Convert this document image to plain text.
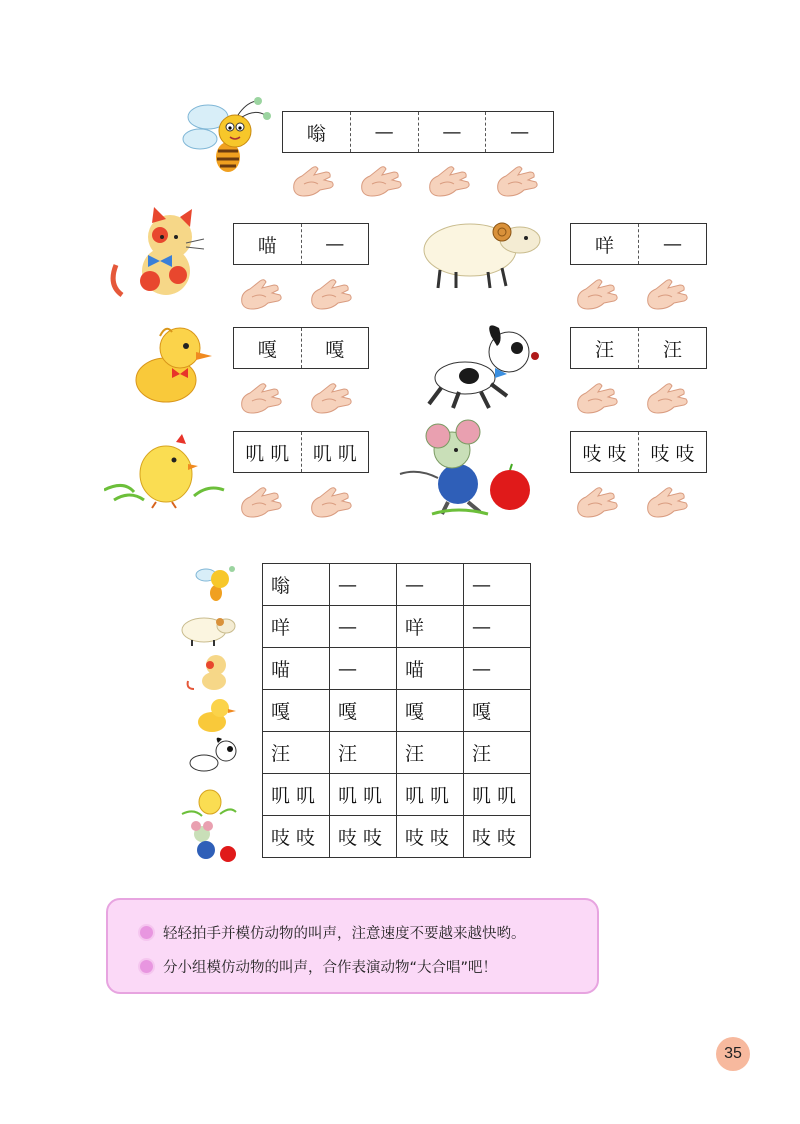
嗡	—	—	—
喵	—	咩	—
嘎	嘎	汪	汪
叽 叽	叽 叽	吱 吱	吱 吱
嗡	—	—	—
咩	—	咩	—
喵	—	喵	—
嘎	嘎	嘎	嘎
汪	汪	汪	汪
叽 叽	叽 叽	叽 叽	叽 叽
吱 吱	吱 吱	吱 吱	吱 吱
轻轻拍手并模仿动物的叫声，注意速度不要越来越快哟。
分小组模仿动物的叫声，合作表演动物“大合唱”吧！
35
